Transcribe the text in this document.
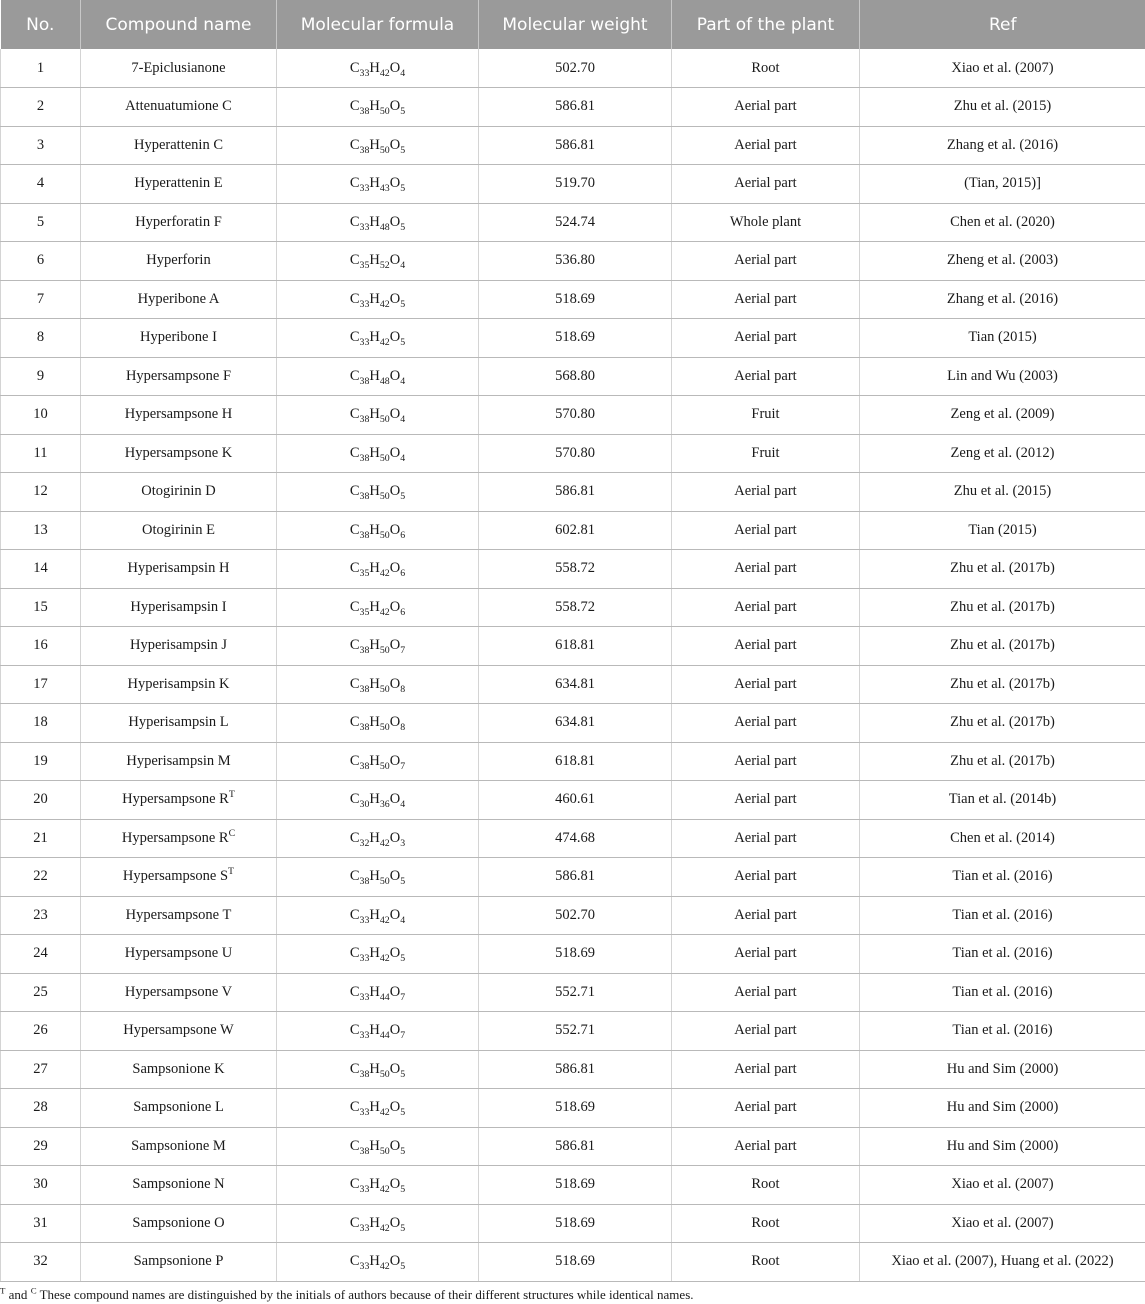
No.	Compound name	Molecular formula	Molecular weight	Part of the plant	Ref
1	7-Epiclusianone	$C_{33}H_{42}O_4$	502.70	Root	Xiao et al. (2007)
2	Attenuatumione C	$C_{38}H_{50}O_5$	586.81	Aerial part	Zhu et al. (2015)
3	Hyperattenin C	$C_{38}H_{50}O_5$	586.81	Aerial part	Zhang et al. (2016)
4	Hyperattenin E	$C_{33}H_{43}O_5$	519.70	Aerial part	(Tian, 2015)]
5	Hyperforatin F	$C_{33}H_{48}O_5$	524.74	Whole plant	Chen et al. (2020)
6	Hyperforin	$C_{35}H_{52}O_4$	536.80	Aerial part	Zheng et al. (2003)
7	Hyperibone A	$C_{33}H_{42}O_5$	518.69	Aerial part	Zhang et al. (2016)
8	Hyperibone I	$C_{33}H_{42}O_5$	518.69	Aerial part	Tian (2015)
9	Hypersampsone F	$C_{38}H_{48}O_4$	568.80	Aerial part	Lin and Wu (2003)
10	Hypersampsone H	$C_{38}H_{50}O_4$	570.80	Fruit	Zeng et al. (2009)
11	Hypersampsone K	$C_{38}H_{50}O_4$	570.80	Fruit	Zeng et al. (2012)
12	Otogirinin D	$C_{38}H_{50}O_5$	586.81	Aerial part	Zhu et al. (2015)
13	Otogirinin E	$C_{38}H_{50}O_6$	602.81	Aerial part	Tian (2015)
14	Hyperisampsin H	$C_{35}H_{42}O_6$	558.72	Aerial part	Zhu et al. (2017b)
15	Hyperisampsin I	$C_{35}H_{42}O_6$	558.72	Aerial part	Zhu et al. (2017b)
16	Hyperisampsin J	$C_{38}H_{50}O_7$	618.81	Aerial part	Zhu et al. (2017b)
17	Hyperisampsin K	$C_{38}H_{50}O_8$	634.81	Aerial part	Zhu et al. (2017b)
18	Hyperisampsin L	$C_{38}H_{50}O_8$	634.81	Aerial part	Zhu et al. (2017b)
19	Hyperisampsin M	$C_{38}H_{50}O_7$	618.81	Aerial part	Zhu et al. (2017b)
20	Hypersampsone $R^T$	$C_{30}H_{36}O_4$	460.61	Aerial part	Tian et al. (2014b)
21	Hypersampsone $R^C$	$C_{32}H_{42}O_3$	474.68	Aerial part	Chen et al. (2014)
22	Hypersampsone $S^T$	$C_{38}H_{50}O_5$	586.81	Aerial part	Tian et al. (2016)
23	Hypersampsone T	$C_{33}H_{42}O_4$	502.70	Aerial part	Tian et al. (2016)
24	Hypersampsone U	$C_{33}H_{42}O_5$	518.69	Aerial part	Tian et al. (2016)
25	Hypersampsone V	$C_{33}H_{44}O_7$	552.71	Aerial part	Tian et al. (2016)
26	Hypersampsone W	$C_{33}H_{44}O_7$	552.71	Aerial part	Tian et al. (2016)
27	Sampsonione K	$C_{38}H_{50}O_5$	586.81	Aerial part	Hu and Sim (2000)
28	Sampsonione L	$C_{33}H_{42}O_5$	518.69	Aerial part	Hu and Sim (2000)
29	Sampsonione M	$C_{38}H_{50}O_5$	586.81	Aerial part	Hu and Sim (2000)
30	Sampsonione N	$C_{33}H_{42}O_5$	518.69	Root	Xiao et al. (2007)
31	Sampsonione O	$C_{33}H_{42}O_5$	518.69	Root	Xiao et al. (2007)
32	Sampsonione P	$C_{33}H_{42}O_5$	518.69	Root	Xiao et al. (2007), Huang et al. (2022)
$^T$ and $^C$ These compound names are distinguished by the initials of authors because of their different structures while identical names.
